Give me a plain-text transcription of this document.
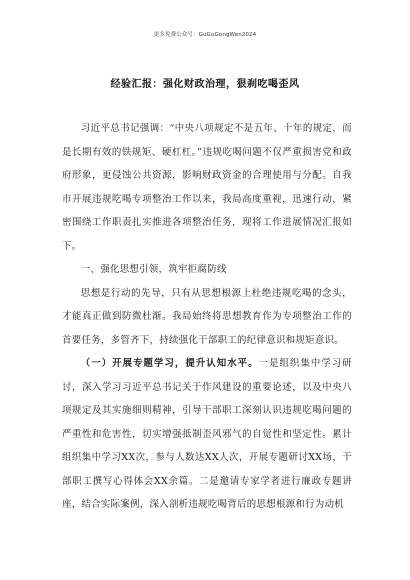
更多免费公众号：GuGuGongWen2024
经验汇报：强化财政治理，狠刹吃喝歪风

习近平总书记强调：“中央八项规定不是五年、十年的规定，而是长期有效的铁规矩、硬杠杠。”违规吃喝问题不仅严重损害党和政府形象，更侵蚀公共资源，影响财政资金的合理使用与分配。自我市开展违规吃喝专项整治工作以来，我局高度重视，迅速行动，紧密围绕工作职责扎实推进各项整治任务，现将工作进展情况汇报如下。

一、强化思想引领，筑牢拒腐防线

思想是行动的先导，只有从思想根源上杜绝违规吃喝的念头，才能真正做到防微杜渐。我局始终将思想教育作为专项整治工作的首要任务，多管齐下，持续强化干部职工的纪律意识和规矩意识。

（一）开展专题学习，提升认知水平。一是组织集中学习研讨，深入学习习近平总书记关于作风建设的重要论述，以及中央八项规定及其实施细则精神，引导干部职工深刻认识违规吃喝问题的严重性和危害性，切实增强抵制歪风邪气的自觉性和坚定性。累计组织集中学习XX次，参与人数达XX人次，开展专题研讨XX场，干部职工撰写心得体会XX余篇。二是邀请专家学者进行廉政专题讲座，结合实际案例，深入剖析违规吃喝背后的思想根源和行为动机
